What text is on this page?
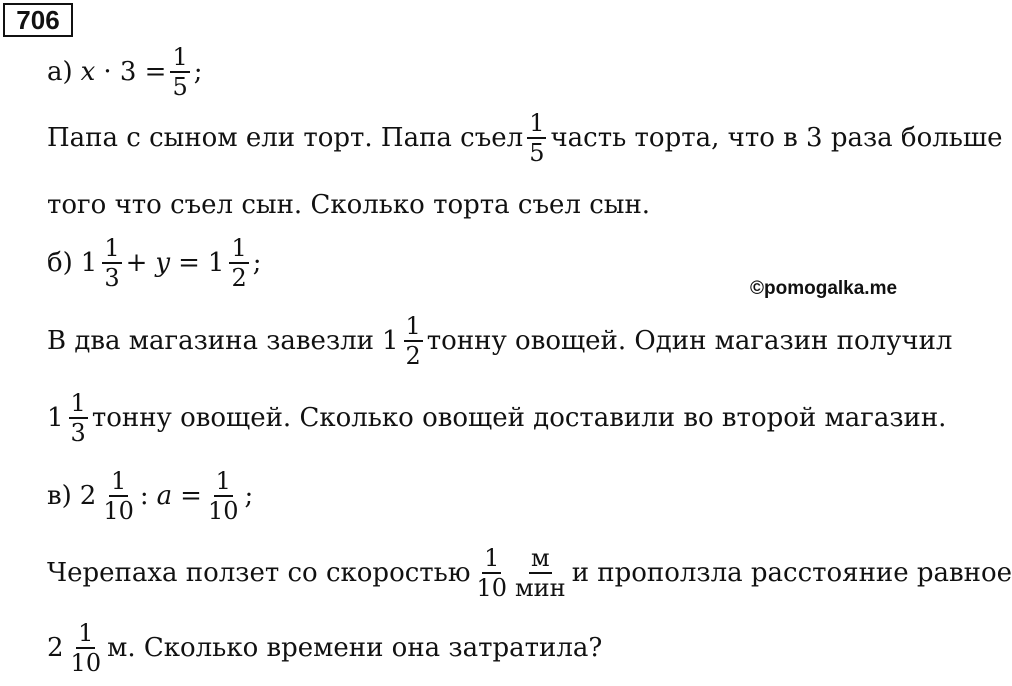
706
а) $x \cdot 3 = \frac{1}{5}$ ;
Папа с сыном ели торт. Папа съел $\frac{1}{5}$ часть торта, что в 3 раза больше
того что съел сын. Сколько торта съел сын.
б) $1 \frac{1}{3} + y = 1 \frac{1}{2}$ ;
©pomogalka.me
В два магазина завезли $1 \frac{1}{2}$ тонну овощей. Один магазин получил
$1 \frac{1}{3}$ тонну овощей. Сколько овощей доставили во второй магазин.
в) $2 \frac{1}{10}$ : $a = \frac{1}{10}$ ;
Черепаха ползет со скоростью $\frac{1}{10} \frac{м}{\text{мин}}$ и проползла расстояние равное
$2 \frac{1}{10} м$. Сколько времени она затратила?
